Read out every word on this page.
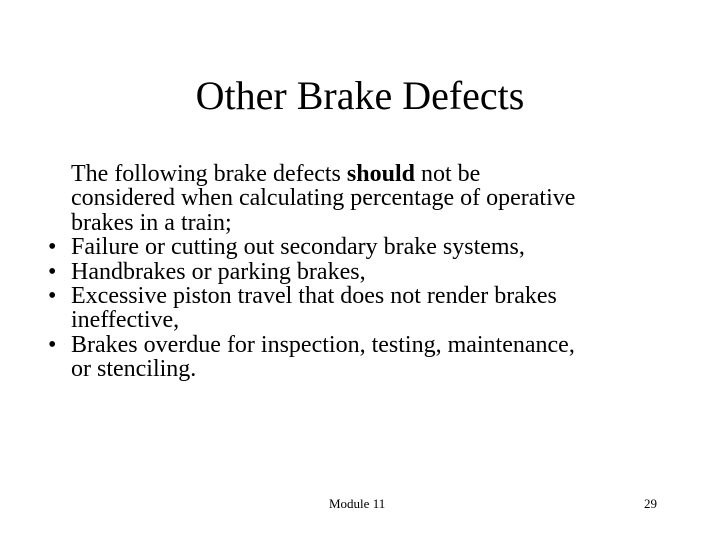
Other Brake Defects
The following brake defects should not be
considered when calculating percentage of operative
brakes in a train;
• Failure or cutting out secondary brake systems,
• Handbrakes or parking brakes,
• Excessive piston travel that does not render brakes
ineffective,
• Brakes overdue for inspection, testing, maintenance,
or stenciling.
Module 11	29
